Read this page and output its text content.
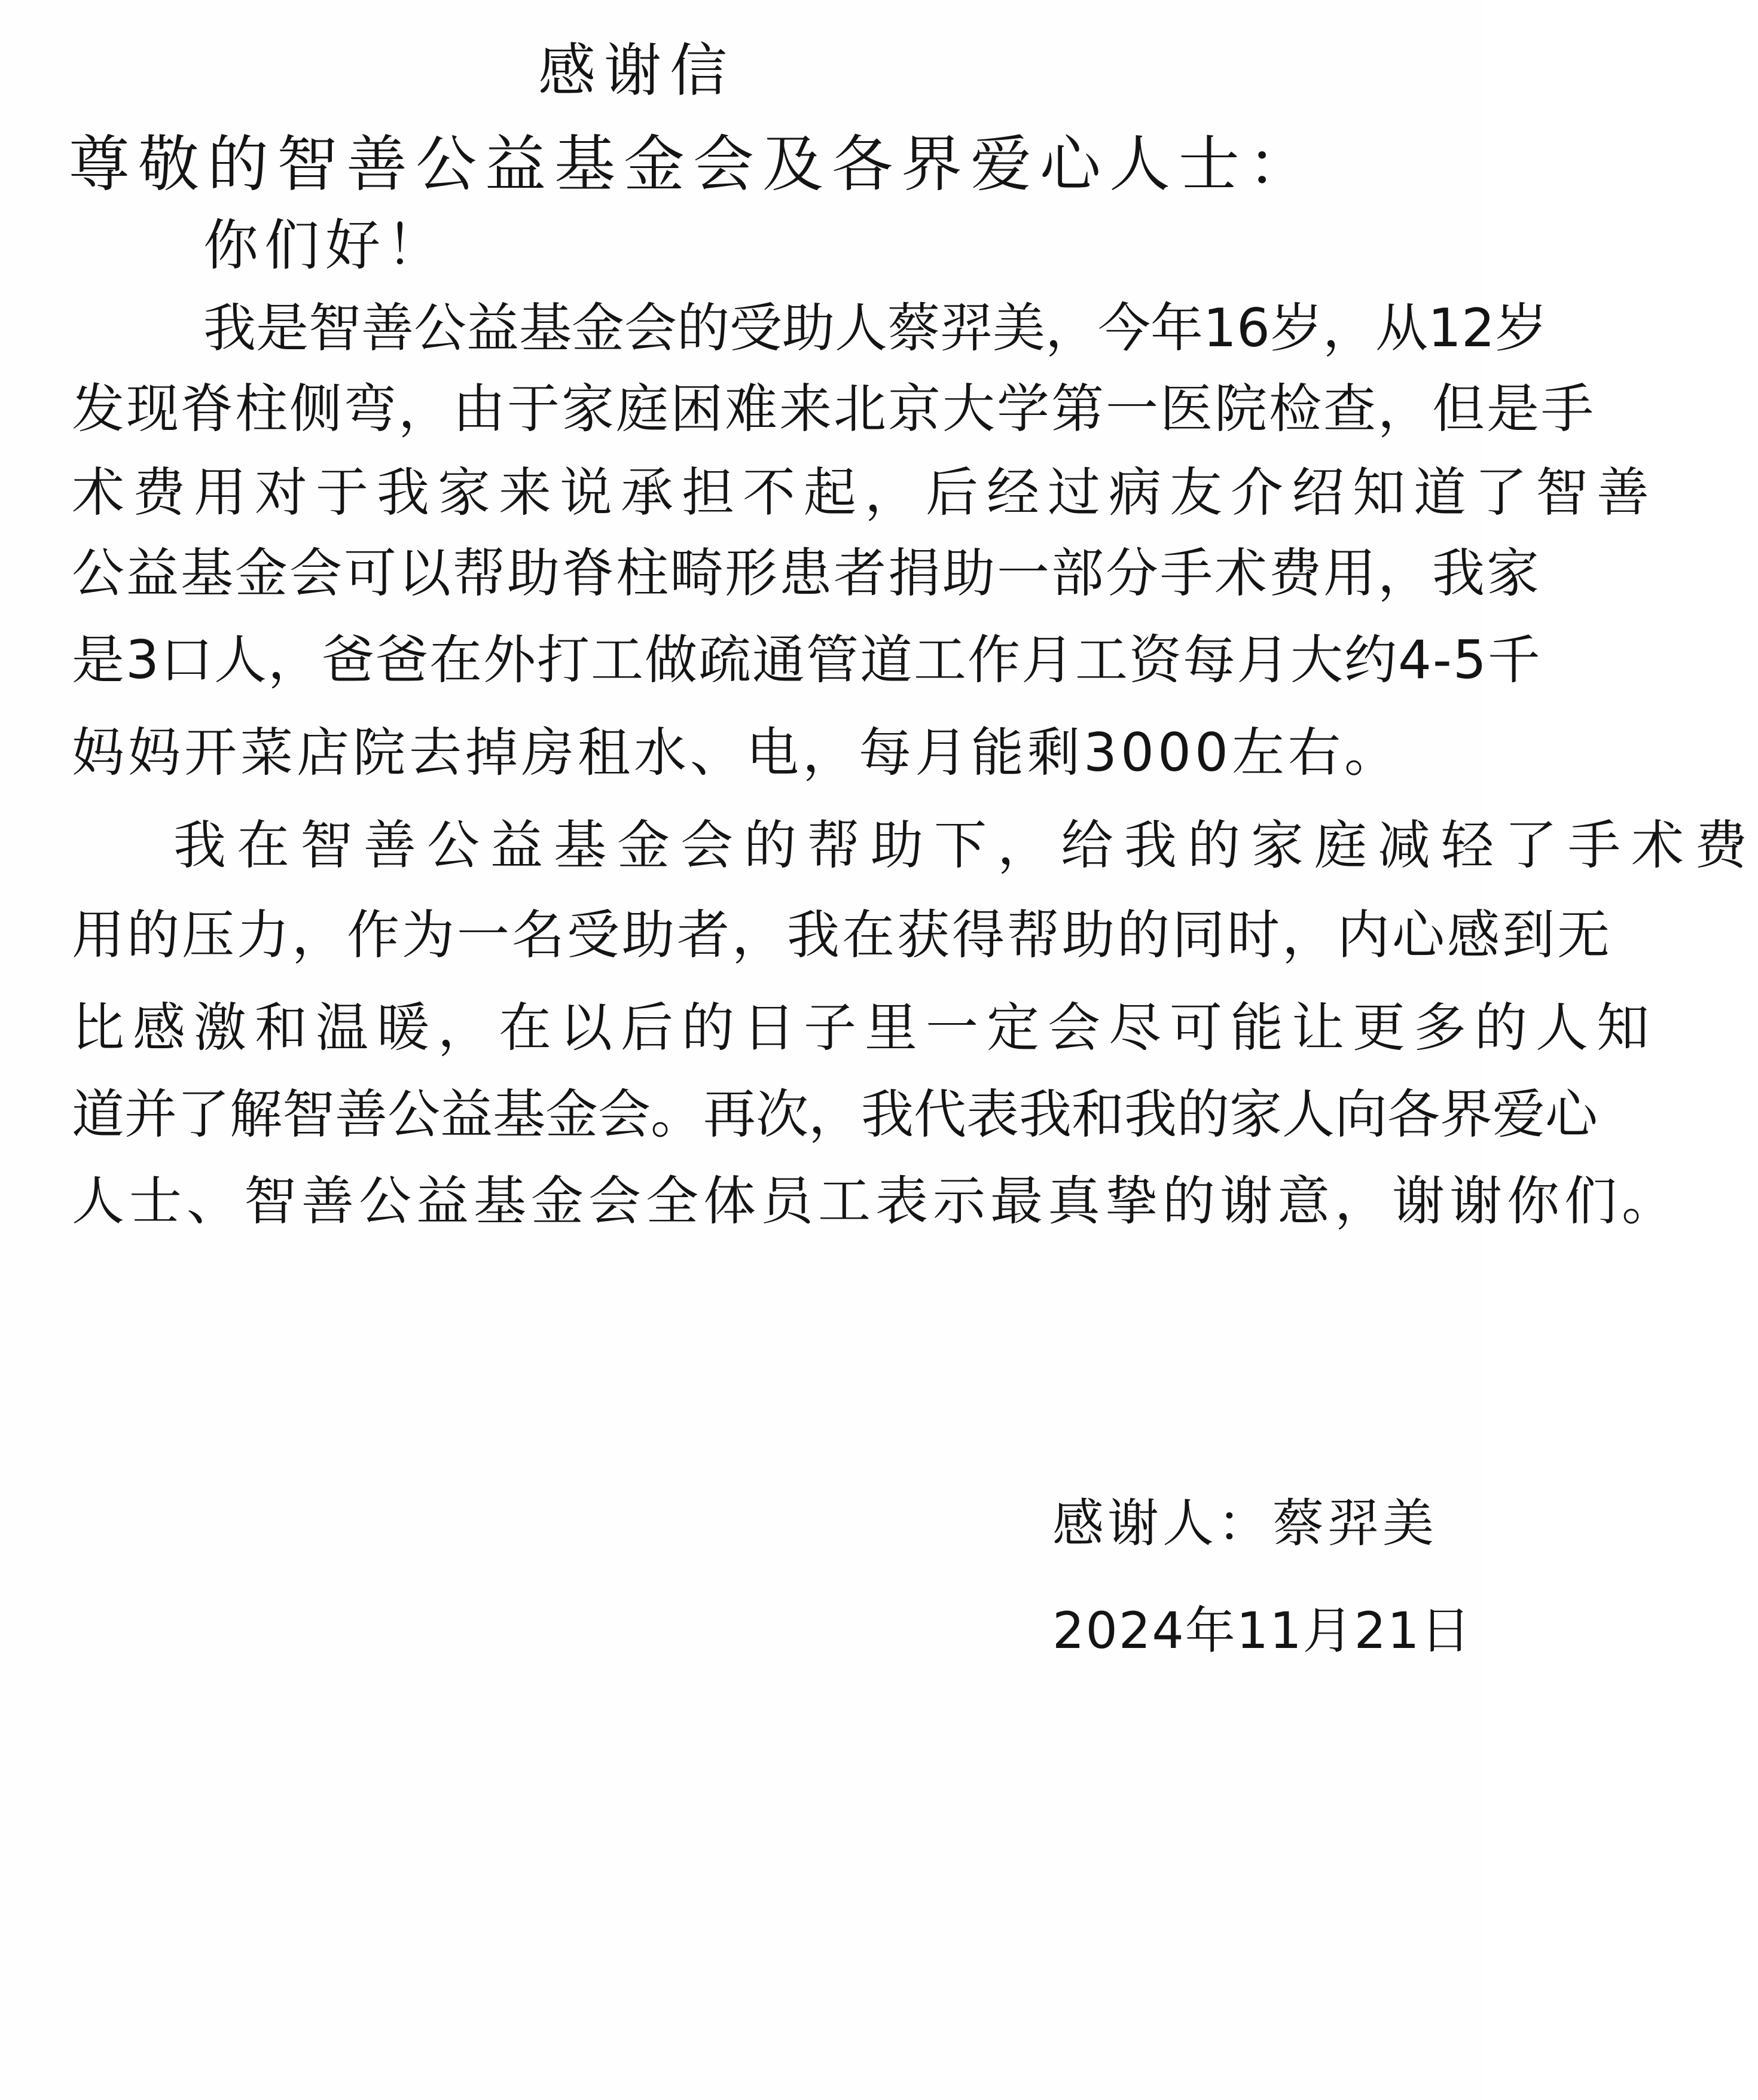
感谢信
尊敬的智善公益基金会及各界爱心人士：
你们好！
我是智善公益基金会的受助人蔡羿美，今年16岁，从12岁
发现脊柱侧弯，由于家庭困难来北京大学第一医院检查，但是手
术费用对于我家来说承担不起，后经过病友介绍知道了智善
公益基金会可以帮助脊柱畸形患者捐助一部分手术费用，我家
是3口人，爸爸在外打工做疏通管道工作月工资每月大约4-5千
妈妈开菜店院去掉房租水、电，每月能剩3000左右。
我在智善公益基金会的帮助下，给我的家庭减轻了手术费
用的压力，作为一名受助者，我在获得帮助的同时，内心感到无
比感激和温暖，在以后的日子里一定会尽可能让更多的人知
道并了解智善公益基金会。再次，我代表我和我的家人向各界爱心
人士、智善公益基金会全体员工表示最真挚的谢意，谢谢你们。
感谢人：蔡羿美
2024年11月21日
